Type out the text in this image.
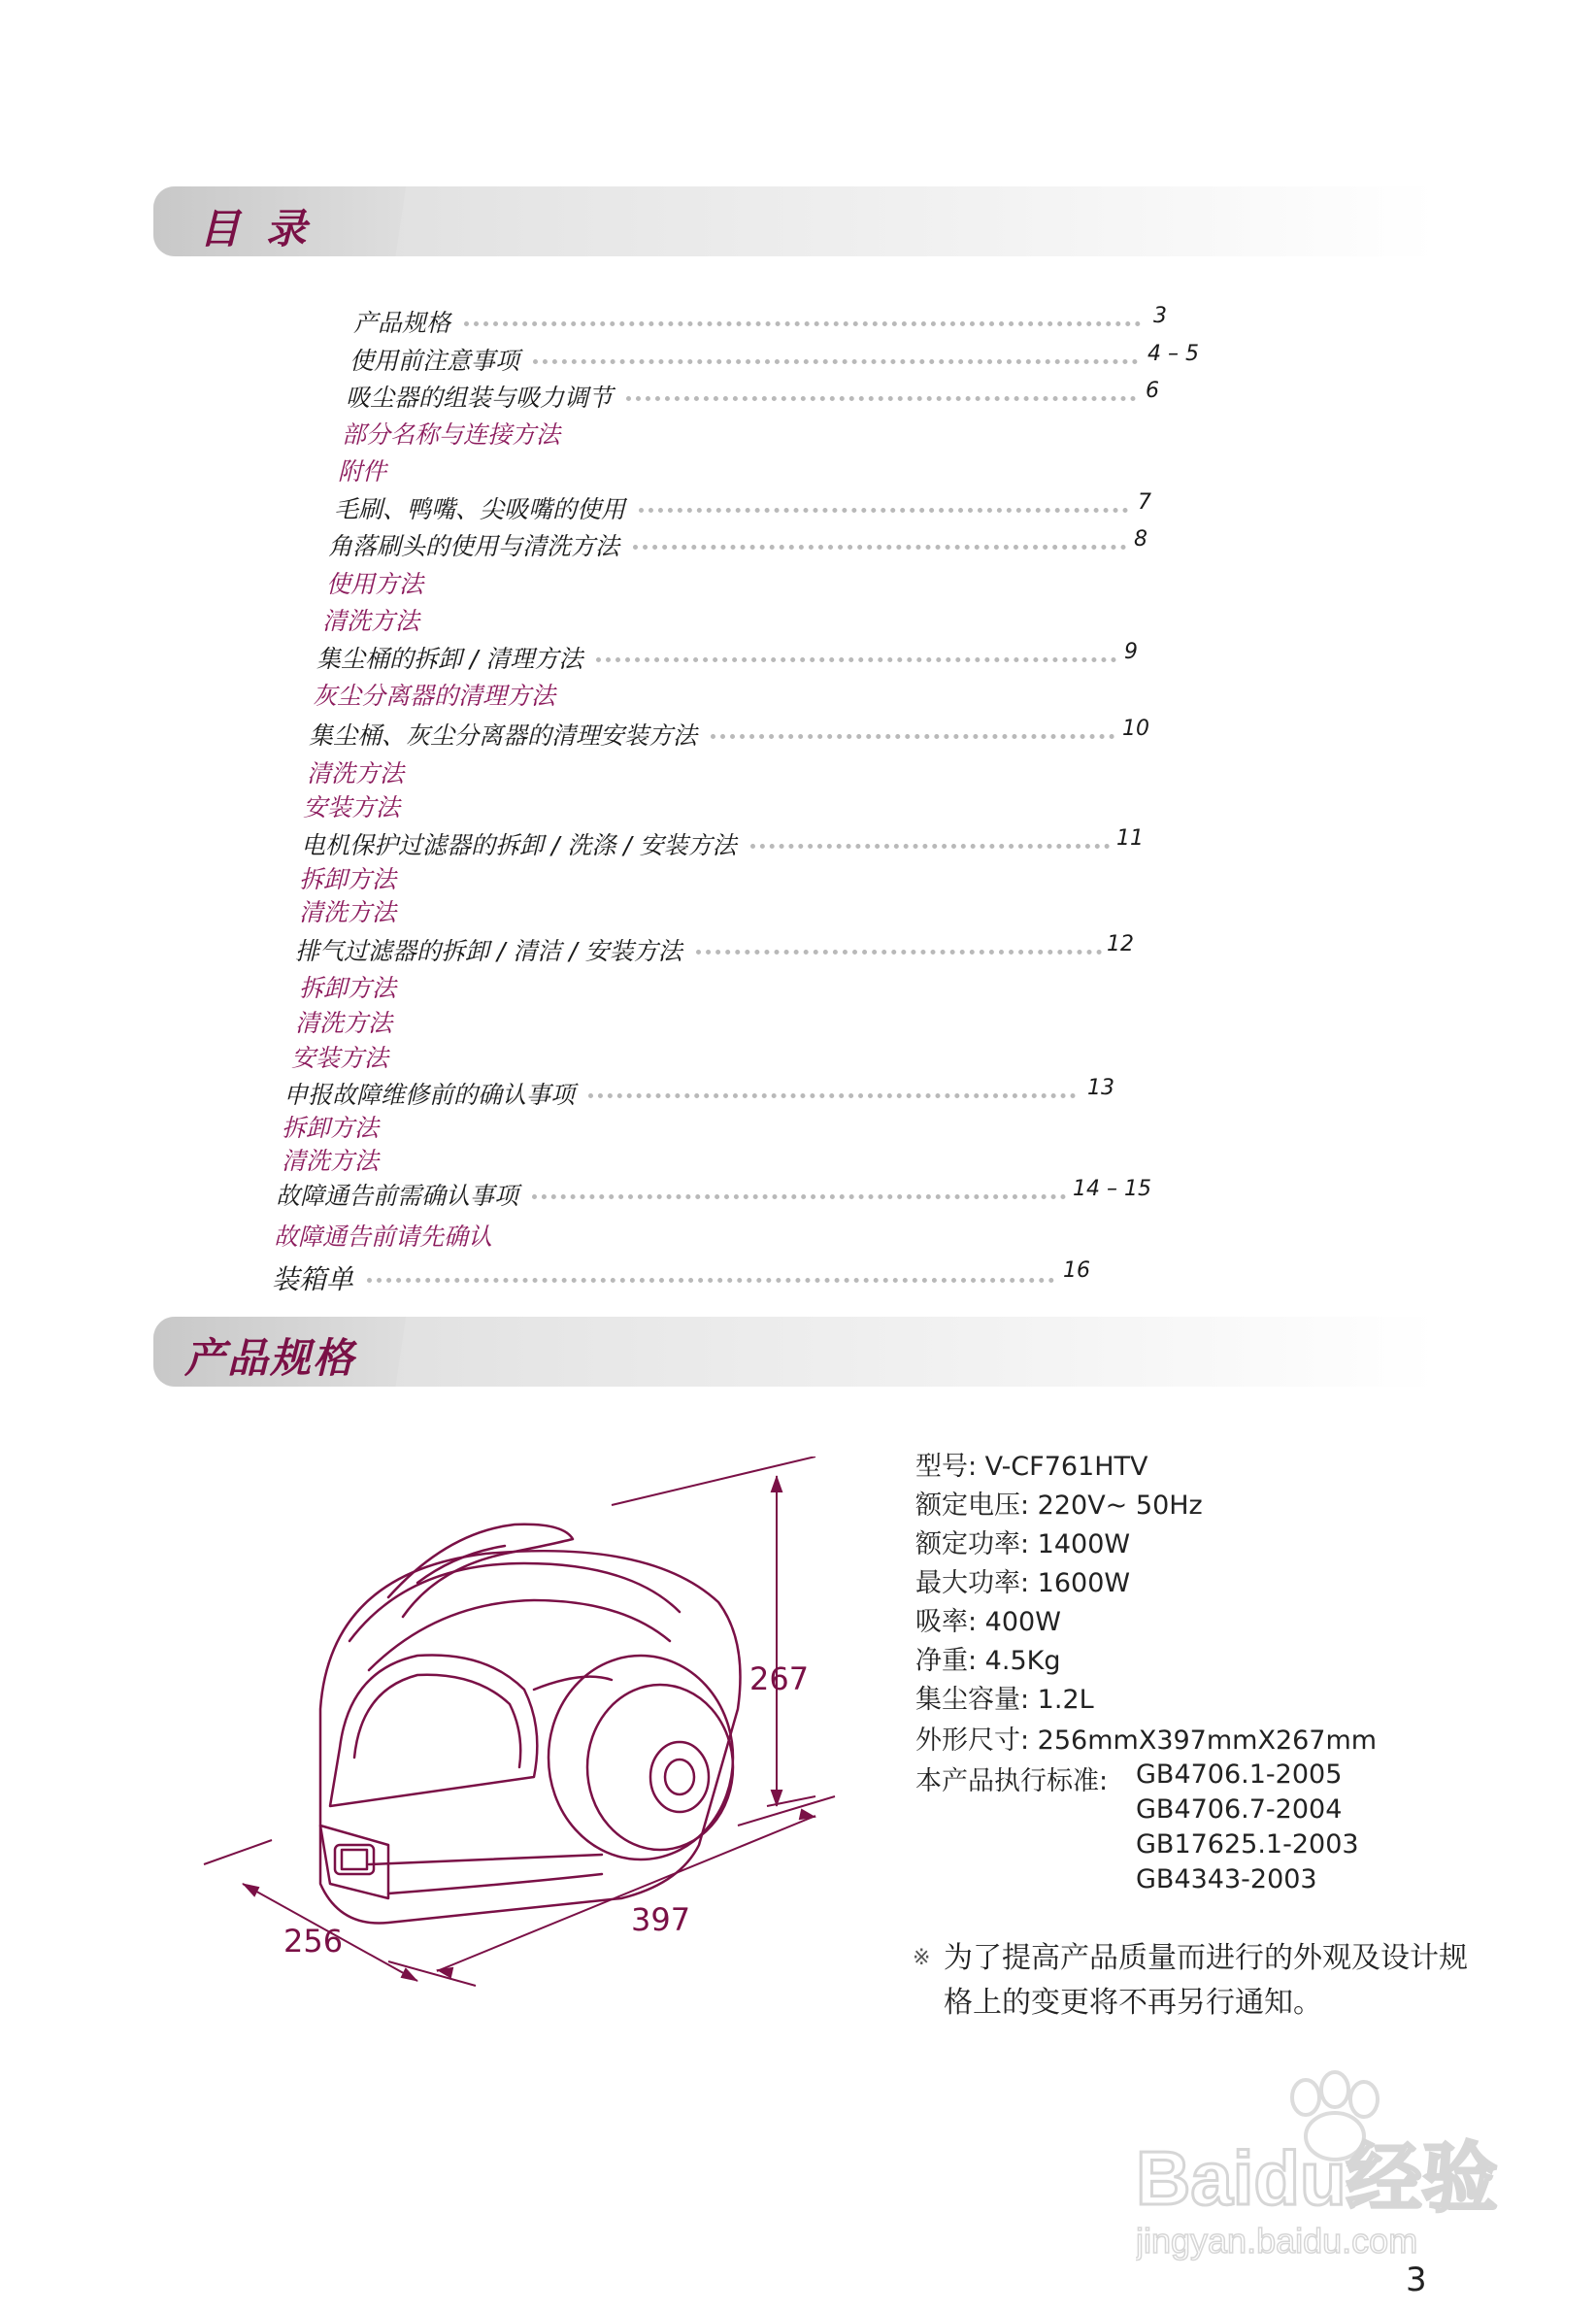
目 录
产品规格	3
使用前注意事项	4 – 5
吸尘器的组装与吸力调节	6
部分名称与连接方法
附件
毛刷、鸭嘴、尖吸嘴的使用	7
角落刷头的使用与清洗方法	8
使用方法
清洗方法
集尘桶的拆卸 / 清理方法	9
灰尘分离器的清理方法
集尘桶、灰尘分离器的清理安装方法	10
清洗方法
安装方法
电机保护过滤器的拆卸 / 洗涤 / 安装方法	11
拆卸方法
清洗方法
排气过滤器的拆卸 / 清洁 / 安装方法	12
拆卸方法
清洗方法
安装方法
申报故障维修前的确认事项	13
拆卸方法
清洗方法
故障通告前需确认事项	14 – 15
故障通告前请先确认
装箱单	16
产品规格
267
397
256
型号: V-CF761HTV
额定电压: 220V~ 50Hz
额定功率: 1400W
最大功率: 1600W
吸率: 400W
净重: 4.5Kg
集尘容量: 1.2L
外形尺寸: 256mmX397mmX267mm
本产品执行标准: GB4706.1-2005
GB4706.7-2004
GB17625.1-2003
GB4343-2003
※ 为了提高产品质量而进行的外观及设计规格上的变更将不再另行通知。
Baidu经验
jingyan.baidu.com
3
